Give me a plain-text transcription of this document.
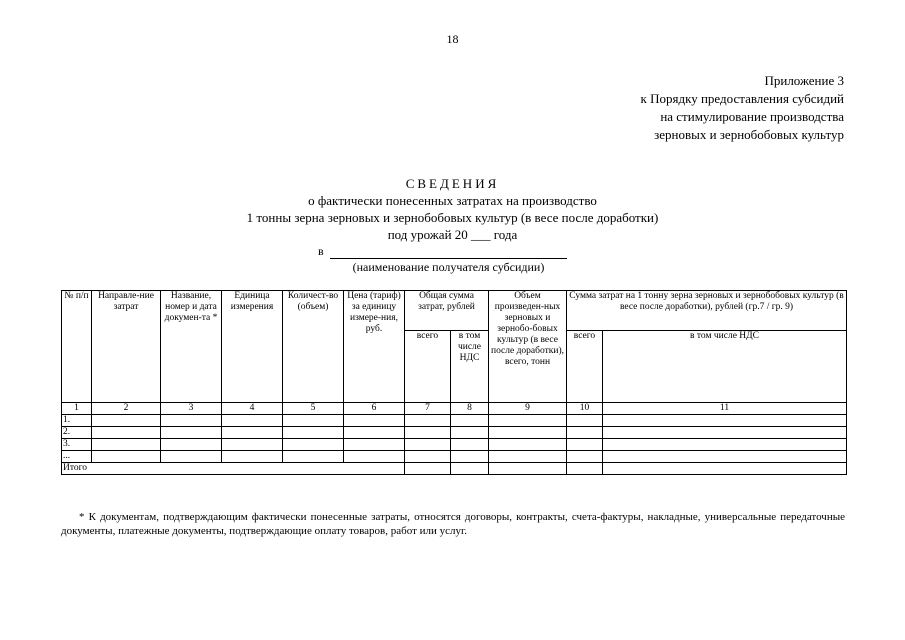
18
Приложение 3
к Порядку предоставления субсидий
на стимулирование производства
зерновых и зернобобовых культур
СВЕДЕНИЯ
о фактически понесенных затратах на производство
1 тонны зерна зерновых и зернобобовых культур (в весе после доработки)
под урожай 20 ___ года
в
(наименование получателя субсидии)
№ п/п	Направле-ние затрат	Название, номер и дата докумен-та *	Единица измерения	Количест-во (объем)	Цена (тариф) за единицу измере-ния, руб.	Общая сумма затрат, рублей		Объем произведен-ных зерновых и зернобо-бовых культур (в весе после доработки), всего, тонн	Сумма затрат на 1 тонну зерна зерновых и зернобобовых культур (в весе после доработки), рублей (гр.7 / гр. 9)	
						всего	в том числе НДС		всего	в том числе НДС
1	2	3	4	5	6	7	8	9	10	11
1.										
2.										
3.										
...										
Итого										
* К документам, подтверждающим фактически понесенные затраты, относятся договоры, контракты, счета-фактуры, накладные, универсальные передаточные документы, платежные документы, подтверждающие оплату товаров, работ или услуг.
